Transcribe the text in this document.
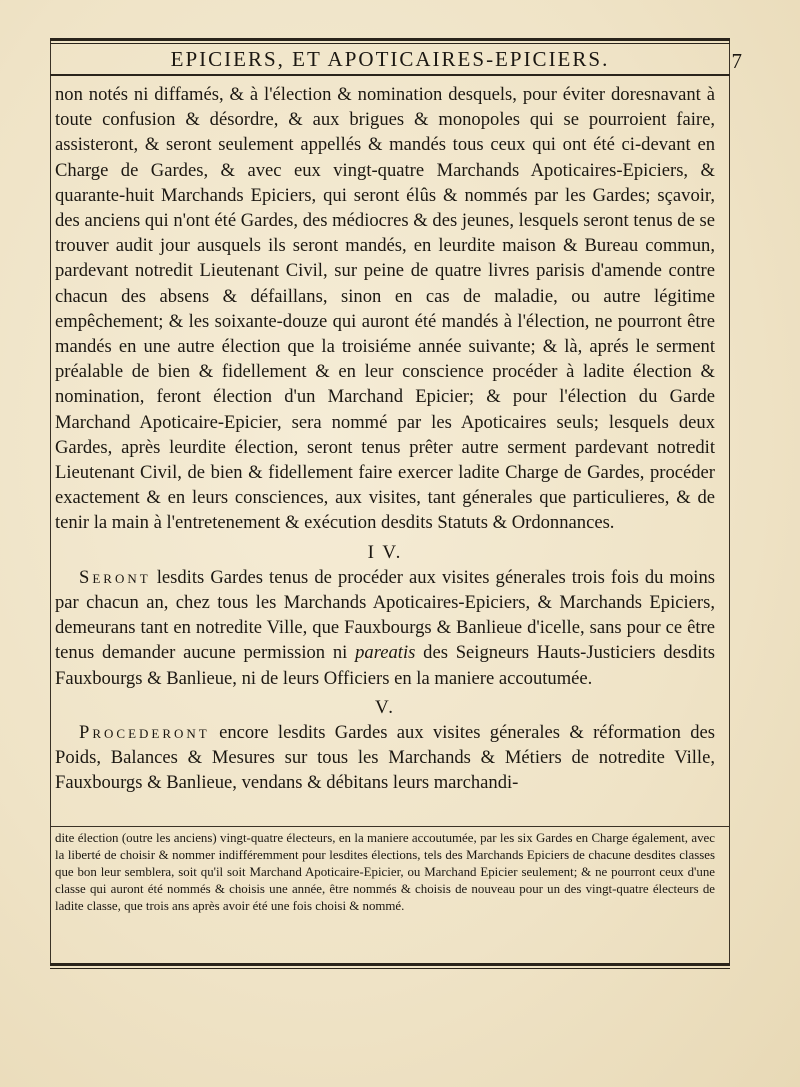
EPICIERS, ET APOTICAIRES-EPICIERS.	7

non notés ni diffamés, & à l'élection & nomination desquels, pour éviter doresnavant à toute confusion & désordre, & aux brigues & monopoles qui se pourroient faire, assisteront, & seront seulement appellés & mandés tous ceux qui ont été ci-devant en Charge de Gardes, & avec eux vingt-quatre Marchands Apoticaires-Epiciers, & quarante-huit Marchands Epiciers, qui seront élûs & nommés par les Gardes; sçavoir, des anciens qui n'ont été Gardes, des médiocres & des jeunes, lesquels seront tenus de se trouver audit jour ausquels ils seront mandés, en leurdite maison & Bureau commun, pardevant notredit Lieutenant Civil, sur peine de quatre livres parisis d'amende contre chacun des absens & défaillans, sinon en cas de maladie, ou autre légitime empêchement; & les soixante-douze qui auront été mandés à l'élection, ne pourront être mandés en une autre élection que la troisiéme année suivante; & là, aprés le serment préalable de bien & fidellement & en leur conscience procéder à ladite élection & nomination, feront élection d'un Marchand Epicier; & pour l'élection du Garde Marchand Apoticaire-Epicier, sera nommé par les Apoticaires seuls; lesquels deux Gardes, après leurdite élection, seront tenus prêter autre serment pardevant notredit Lieutenant Civil, de bien & fidellement faire exercer ladite Charge de Gardes, procéder exactement & en leurs consciences, aux visites, tant génerales que particulieres, & de tenir la main à l'entretenement & exécution desdits Statuts & Ordonnances.

I V.

Seront lesdits Gardes tenus de procéder aux visites génerales trois fois du moins par chacun an, chez tous les Marchands Apoticaires-Epiciers, & Marchands Epiciers, demeurans tant en notredite Ville, que Fauxbourgs & Banlieue d'icelle, sans pour ce être tenus demander aucune permission ni pareatis des Seigneurs Hauts-Justiciers desdits Fauxbourgs & Banlieue, ni de leurs Officiers en la maniere accoutumée.

V.

Procederont encore lesdits Gardes aux visites génerales & réformation des Poids, Balances & Mesures sur tous les Marchands & Métiers de notredite Ville, Fauxbourgs & Banlieue, vendans & débitans leurs marchandi-

dite élection (outre les anciens) vingt-quatre électeurs, en la maniere accoutumée, par les six Gardes en Charge également, avec la liberté de choisir & nommer indifféremment pour lesdites élections, tels des Marchands Epiciers de chacune desdites classes que bon leur semblera, soit qu'il soit Marchand Apoticaire-Epicier, ou Marchand Epicier seulement; & ne pourront ceux d'une classe qui auront été nommés & choisis une année, être nommés & choisis de nouveau pour un des vingt-quatre électeurs de ladite classe, que trois ans après avoir été une fois choisi & nommé.
